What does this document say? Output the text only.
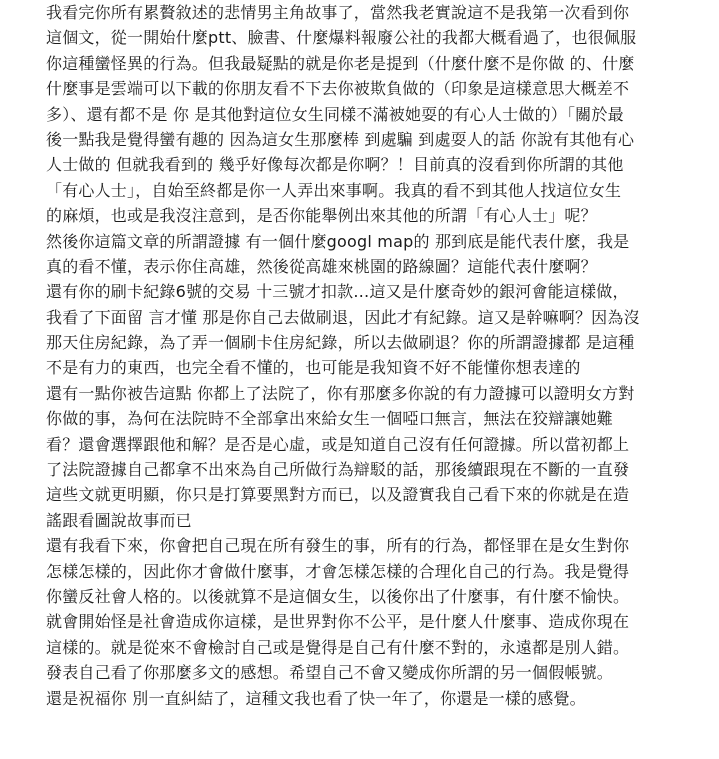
我看完你所有累贅敘述的悲情男主角故事了，當然我老實說這不是我第一次看到你
這個文，從一開始什麼ptt、臉書、什麼爆料報廢公社的我都大概看過了，也很佩服
你這種蠻怪異的行為。但我最疑點的就是你老是提到（什麼什麼不是你做 的、什麼
什麼事是雲端可以下載的你朋友看不下去你被欺負做的（印象是這樣意思大概差不
多）、還有都不是 你 是其他對這位女生同樣不滿被她耍的有心人士做的）「關於最
後一點我是覺得蠻有趣的 因為這女生那麼棒 到處騙 到處耍人的話 你說有其他有心
人士做的 但就我看到的 幾乎好像每次都是你啊？！目前真的沒看到你所謂的其他
「有心人士」，自始至終都是你一人弄出來事啊。我真的看不到其他人找這位女生
的麻煩，也或是我沒注意到，是否你能舉例出來其他的所謂「有心人士」呢？
然後你這篇文章的所謂證據 有一個什麼googl map的 那到底是能代表什麼，我是
真的看不懂，表示你住高雄，然後從高雄來桃園的路線圖？這能代表什麼啊？
還有你的刷卡紀錄6號的交易 十三號才扣款…這又是什麼奇妙的銀河會能這樣做，
我看了下面留 言才懂 那是你自己去做刷退，因此才有紀錄。這又是幹嘛啊？因為沒
那天住房紀錄，為了弄一個刷卡住房紀錄，所以去做刷退？你的所謂證據都 是這種
不是有力的東西，也完全看不懂的，也可能是我知資不好不能懂你想表達的
還有一點你被告這點 你都上了法院了，你有那麼多你說的有力證據可以證明女方對
你做的事，為何在法院時不全部拿出來給女生一個啞口無言，無法在狡辯讓她難
看？還會選擇跟他和解？是否是心虛，或是知道自己沒有任何證據。所以當初都上
了法院證據自己都拿不出來為自己所做行為辯駁的話，那後續跟現在不斷的一直發
這些文就更明顯，你只是打算要黑對方而已，以及證實我自己看下來的你就是在造
謠跟看圖說故事而已
還有我看下來，你會把自己現在所有發生的事，所有的行為，都怪罪在是女生對你
怎樣怎樣的，因此你才會做什麼事，才會怎樣怎樣的合理化自己的行為。我是覺得
你蠻反社會人格的。以後就算不是這個女生，以後你出了什麼事，有什麼不愉快。
就會開始怪是社會造成你這樣，是世界對你不公平，是什麼人什麼事、造成你現在
這樣的。就是從來不會檢討自己或是覺得是自己有什麼不對的，永遠都是別人錯。
發表自己看了你那麼多文的感想。希望自己不會又變成你所謂的另一個假帳號。
還是祝福你 別一直糾結了，這種文我也看了快一年了，你還是一樣的感覺。
